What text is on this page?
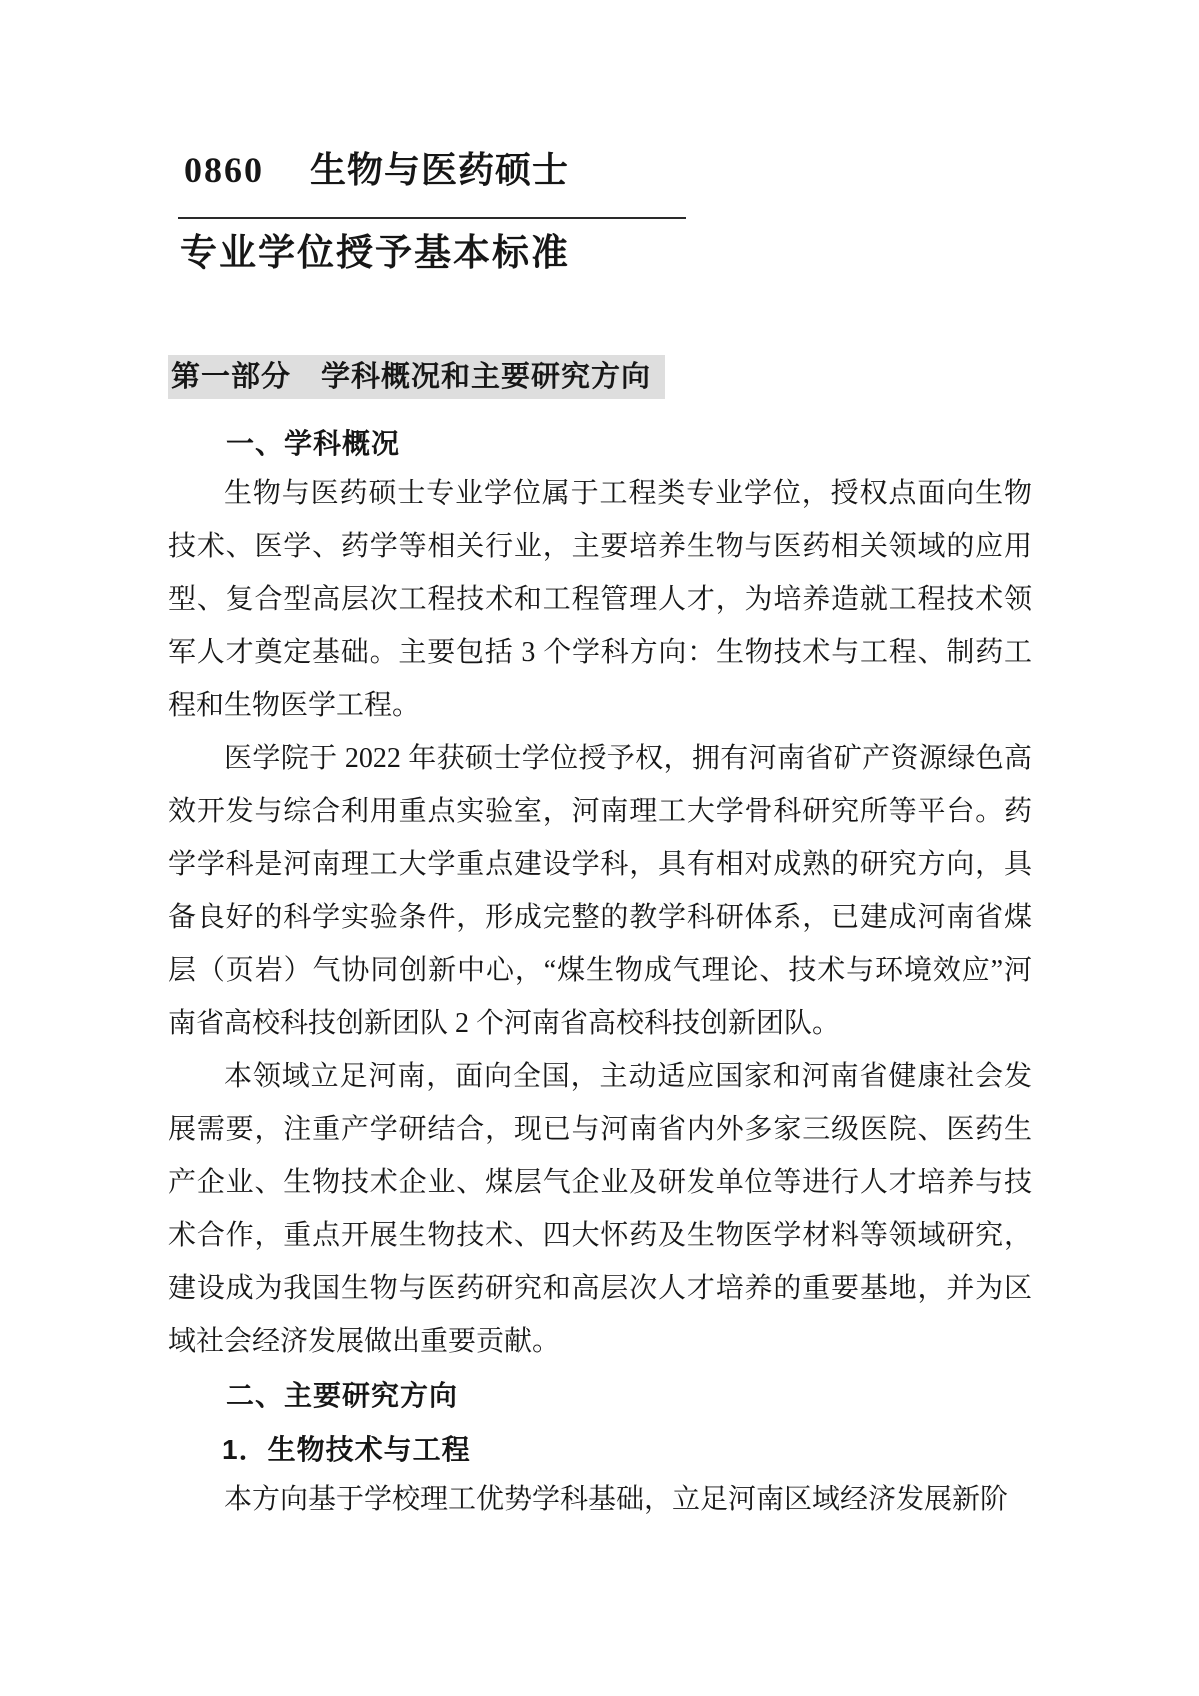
0860 生物与医药硕士
专业学位授予基本标准
第一部分　学科概况和主要研究方向
一、学科概况

生物与医药硕士专业学位属于工程类专业学位，授权点面向生物技术、医学、药学等相关行业，主要培养生物与医药相关领域的应用型、复合型高层次工程技术和工程管理人才，为培养造就工程技术领军人才奠定基础。主要包括 3 个学科方向：生物技术与工程、制药工程和生物医学工程。

医学院于 2022 年获硕士学位授予权，拥有河南省矿产资源绿色高效开发与综合利用重点实验室，河南理工大学骨科研究所等平台。药学学科是河南理工大学重点建设学科，具有相对成熟的研究方向，具备良好的科学实验条件，形成完整的教学科研体系，已建成河南省煤层（页岩）气协同创新中心，“煤生物成气理论、技术与环境效应”河南省高校科技创新团队 2 个河南省高校科技创新团队。

本领域立足河南，面向全国，主动适应国家和河南省健康社会发展需要，注重产学研结合，现已与河南省内外多家三级医院、医药生产企业、生物技术企业、煤层气企业及研发单位等进行人才培养与技术合作，重点开展生物技术、四大怀药及生物医学材料等领域研究，建设成为我国生物与医药研究和高层次人才培养的重要基地，并为区域社会经济发展做出重要贡献。

二、主要研究方向
1．生物技术与工程

本方向基于学校理工优势学科基础，立足河南区域经济发展新阶
